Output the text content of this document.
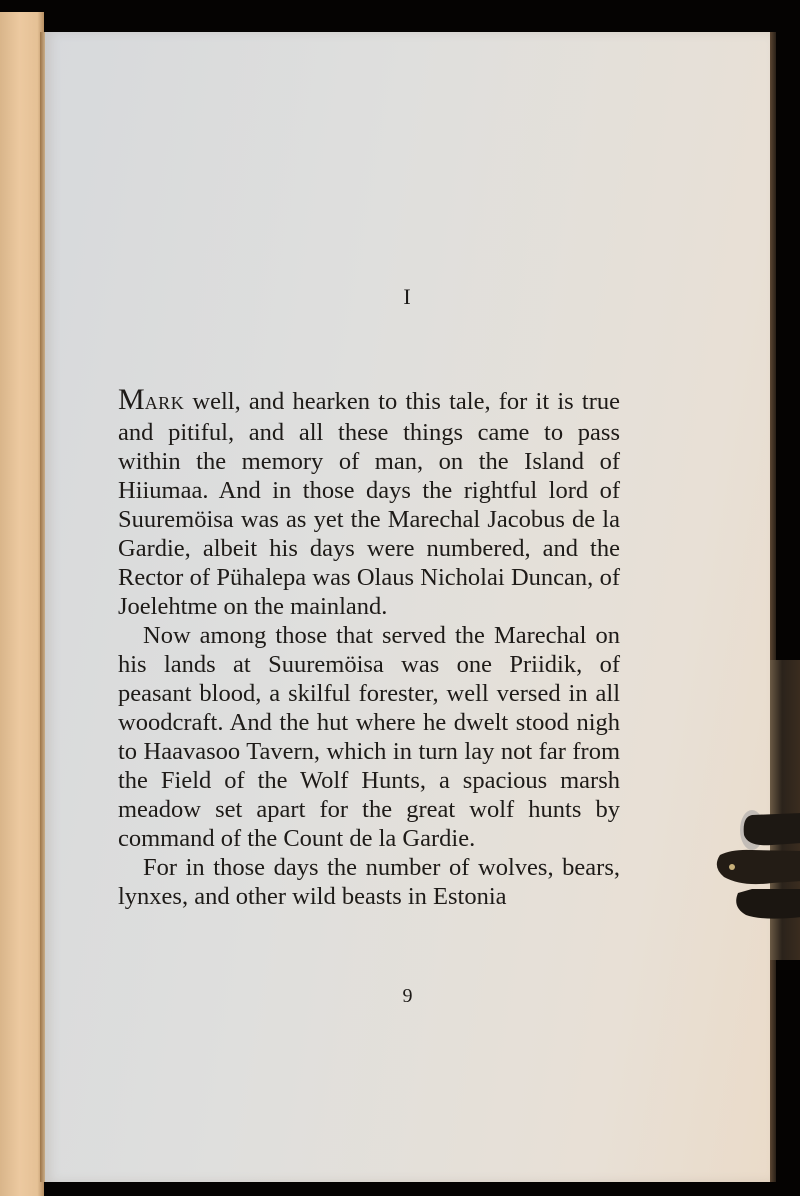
I

MARK well, and hearken to this tale, for it is true and pitiful, and all these things came to pass within the memory of man, on the Island of Hiiumaa. And in those days the rightful lord of Suuremöisa was as yet the Marechal Jacobus de la Gardie, albeit his days were numbered, and the Rector of Pühalepa was Olaus Nicholai Duncan, of Joelehtme on the mainland.

Now among those that served the Marechal on his lands at Suuremöisa was one Priidik, of peasant blood, a skilful forester, well versed in all woodcraft. And the hut where he dwelt stood nigh to Haavasoo Tavern, which in turn lay not far from the Field of the Wolf Hunts, a spacious marsh meadow set apart for the great wolf hunts by command of the Count de la Gardie.

For in those days the number of wolves, bears, lynxes, and other wild beasts in Estonia

9
